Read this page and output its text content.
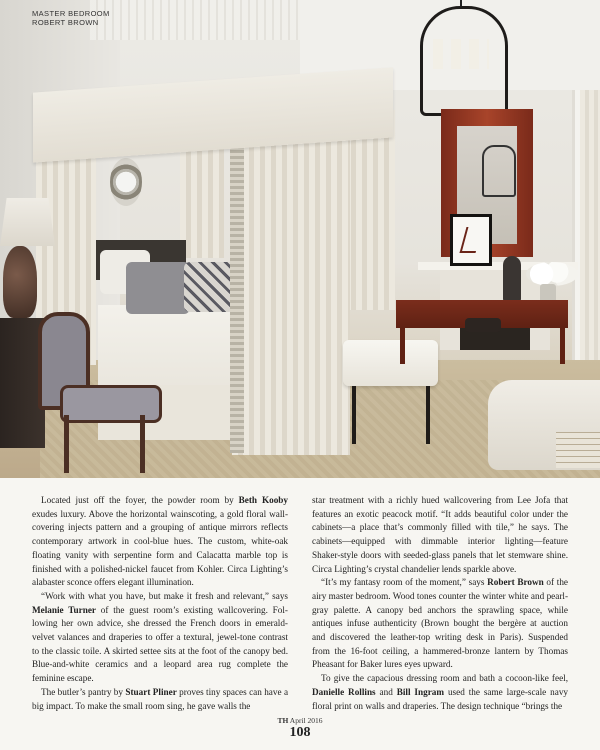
MASTER BEDROOM
ROBERT BROWN

Located just off the foyer, the powder room by Beth Kooby exudes luxury. Above the horizontal wainscoting, a gold floral wallcovering injects pattern and a grouping of antique mirrors reflects contemporary artwork in cool-blue hues. The custom, white-oak floating vanity with serpentine form and Calacatta marble top is finished with a polished-nickel faucet from Kohler. Circa Lighting’s alabaster sconce offers elegant illumination.

“Work with what you have, but make it fresh and relevant,” says Melanie Turner of the guest room’s existing wallcovering. Following her own advice, she dressed the French doors in emerald-velvet valances and draperies to offer a textural, jewel-tone contrast to the classic toile. A skirted settee sits at the foot of the canopy bed. Blue-and-white ceramics and a leopard area rug complete the feminine escape.

The butler’s pantry by Stuart Pliner proves tiny spaces can have a big impact. To make the small room sing, he gave walls the

star treatment with a richly hued wallcovering from Lee Jofa that features an exotic peacock motif. “It adds beautiful color under the cabinets—a place that’s commonly filled with tile,” he says. The cabinets—equipped with dimmable interior lighting—feature Shaker-style doors with seeded-glass panels that let stemware shine. Circa Lighting’s crystal chandelier lends sparkle above.

“It’s my fantasy room of the moment,” says Robert Brown of the airy master bedroom. Wood tones counter the winter white and pearl-gray palette. A canopy bed anchors the sprawling space, while antiques infuse authenticity (Brown bought the bergère at auction and discovered the leather-top writing desk in Paris). Suspended from the 16-foot ceiling, a hammered-bronze lantern by Thomas Pheasant for Baker lures eyes upward.

To give the capacious dressing room and bath a cocoon-like feel, Danielle Rollins and Bill Ingram used the same large-scale navy floral print on walls and draperies. The design technique “brings the

TH April 2016
108
